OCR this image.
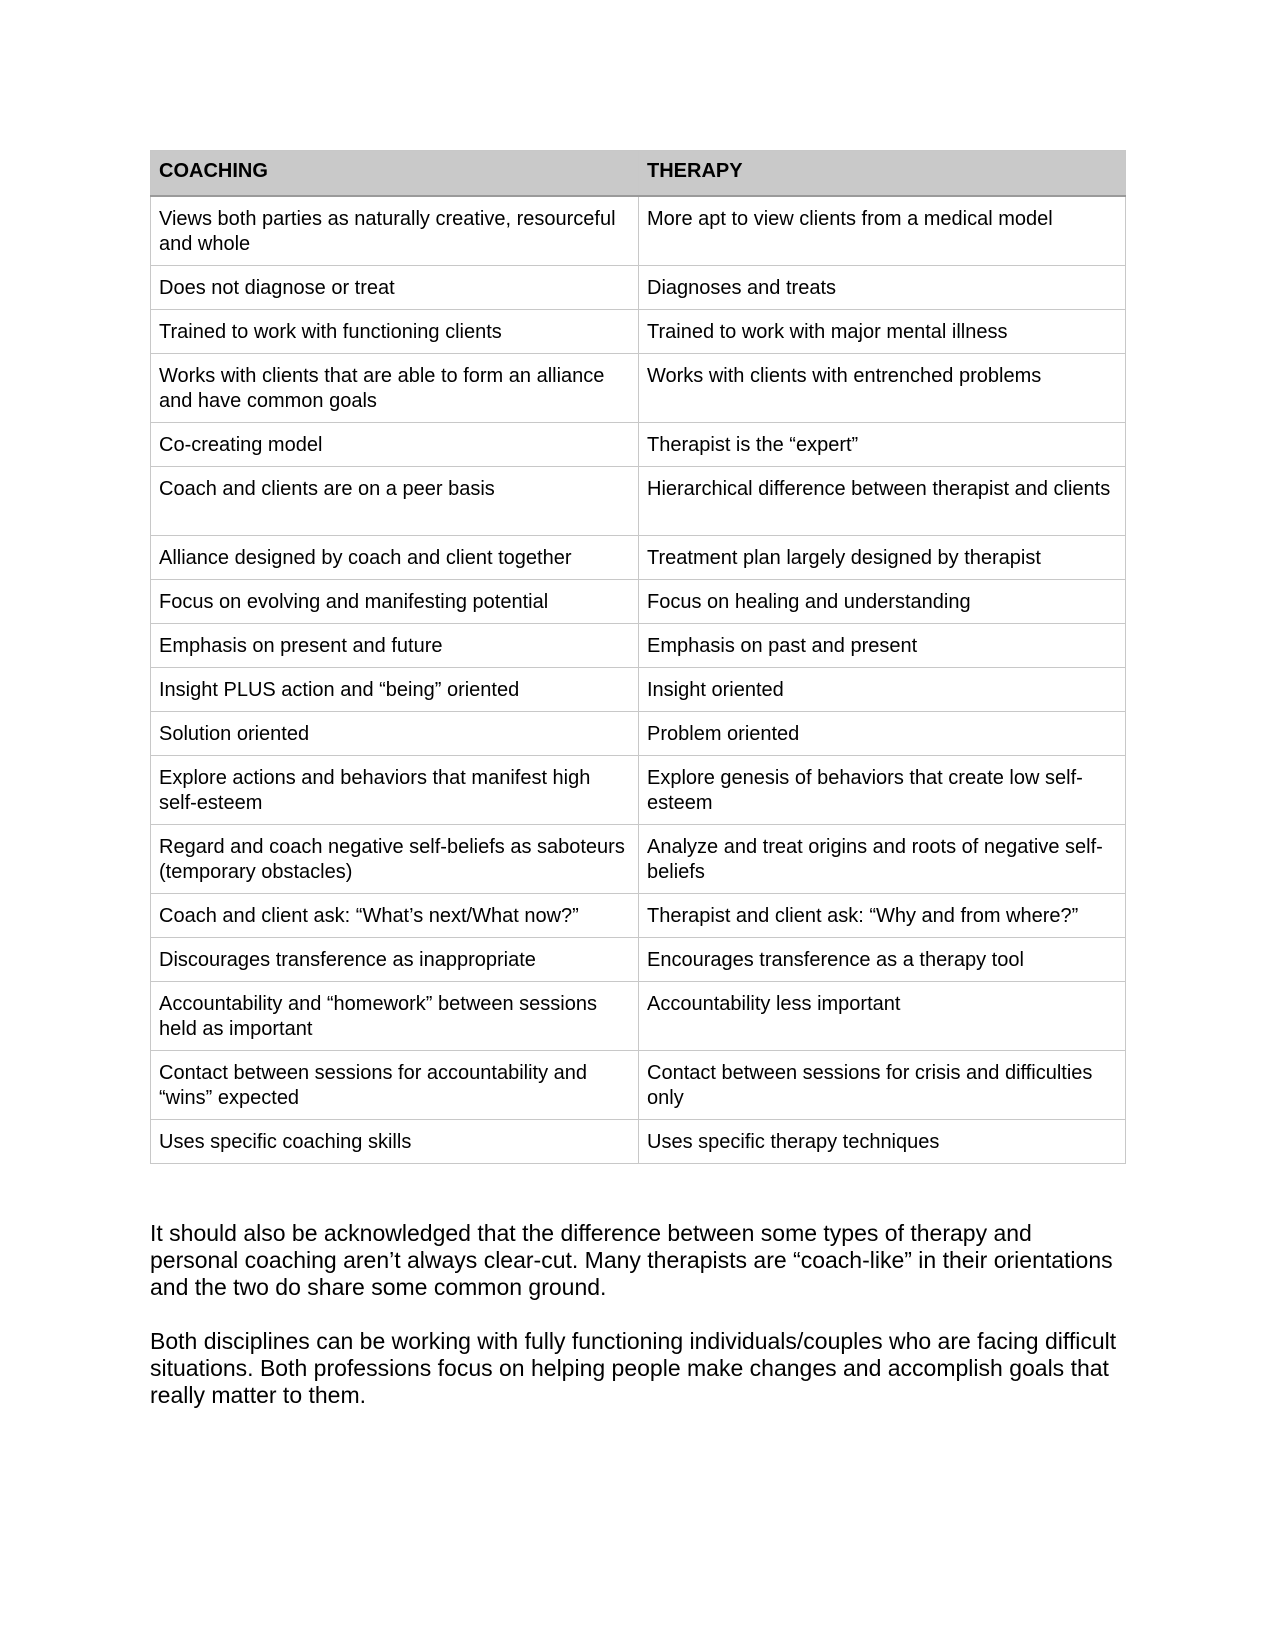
COACHING	THERAPY
Views both parties as naturally creative, resourceful and whole	More apt to view clients from a medical model
Does not diagnose or treat	Diagnoses and treats
Trained to work with functioning clients	Trained to work with major mental illness
Works with clients that are able to form an alliance and have common goals	Works with clients with entrenched problems
Co-creating model	Therapist is the “expert”
Coach and clients are on a peer basis	Hierarchical difference between therapist and clients
Alliance designed by coach and client together	Treatment plan largely designed by therapist
Focus on evolving and manifesting potential	Focus on healing and understanding
Emphasis on present and future	Emphasis on past and present
Insight PLUS action and “being” oriented	Insight oriented
Solution oriented	Problem oriented
Explore actions and behaviors that manifest high self-esteem	Explore genesis of behaviors that create low self-esteem
Regard and coach negative self-beliefs as saboteurs (temporary obstacles)	Analyze and treat origins and roots of negative self-beliefs
Coach and client ask: “What’s next/What now?”	Therapist and client ask: “Why and from where?”
Discourages transference as inappropriate	Encourages transference as a therapy tool
Accountability and “homework” between sessions held as important	Accountability less important
Contact between sessions for accountability and “wins” expected	Contact between sessions for crisis and difficulties only
Uses specific coaching skills	Uses specific therapy techniques

It should also be acknowledged that the difference between some types of therapy and personal coaching aren’t always clear-cut. Many therapists are “coach-like” in their orientations and the two do share some common ground.

Both disciplines can be working with fully functioning individuals/couples who are facing difficult situations. Both professions focus on helping people make changes and accomplish goals that really matter to them.
